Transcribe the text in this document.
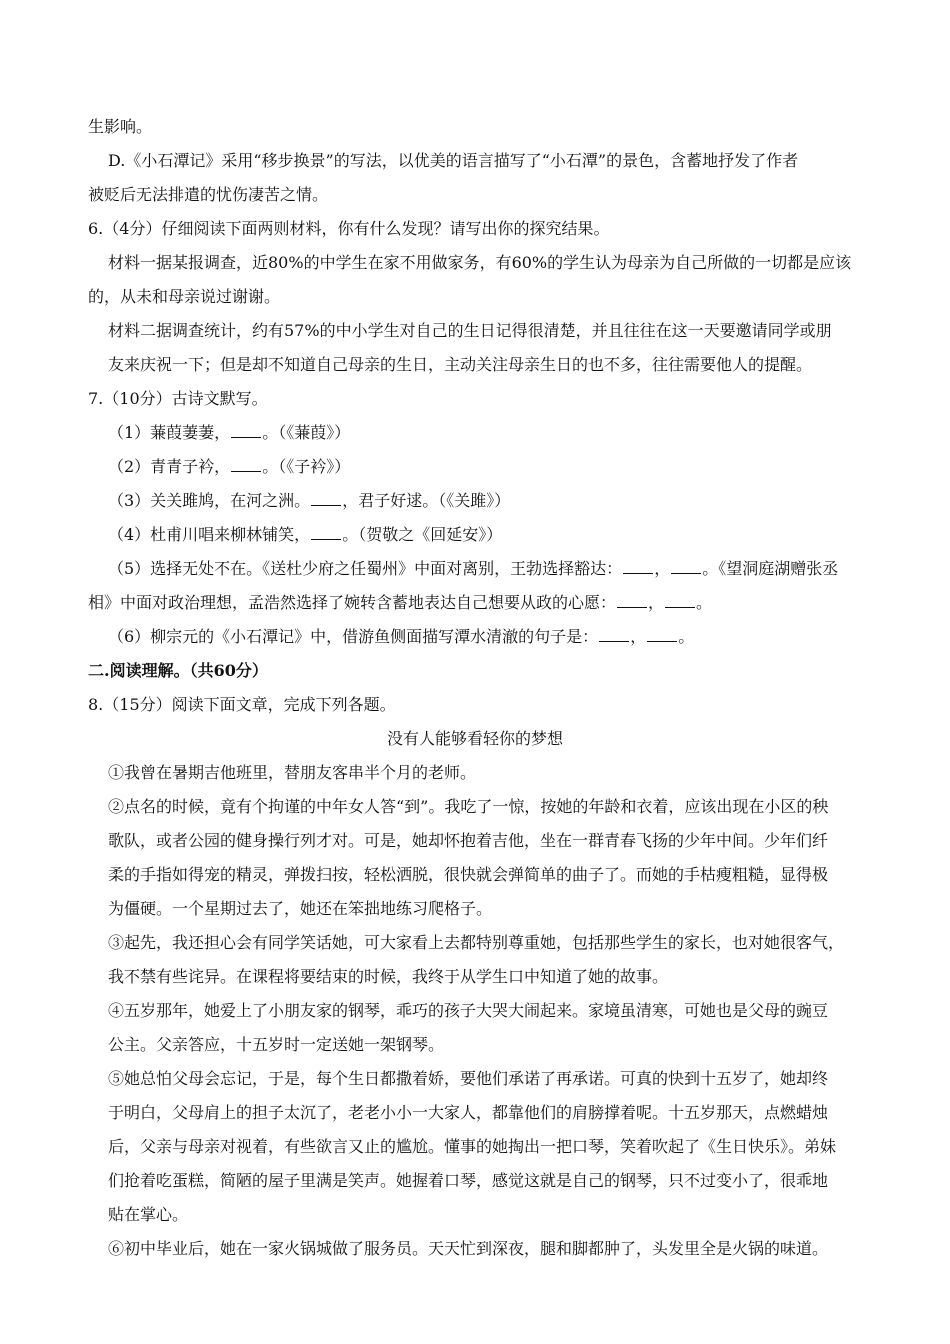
生影响。
D.《小石潭记》采用“移步换景”的写法，以优美的语言描写了“小石潭”的景色，含蓄地抒发了作者
被贬后无法排遣的忧伤凄苦之情。
6.（4分）仔细阅读下面两则材料，你有什么发现？请写出你的探究结果。
材料一据某报调查，近80%的中学生在家不用做家务，有60%的学生认为母亲为自己所做的一切都是应该
的，从未和母亲说过谢谢。
材料二据调查统计，约有57%的中小学生对自己的生日记得很清楚，并且往往在这一天要邀请同学或朋
友来庆祝一下；但是却不知道自己母亲的生日，主动关注母亲生日的也不多，往往需要他人的提醒。
7.（10分）古诗文默写。
（1）蒹葭萋萋， 。（《蒹葭》）
（2）青青子衿， 。（《子衿》）
（3）关关雎鸠，在河之洲。 ，君子好逑。（《关雎》）
（4）杜甫川唱来柳林铺笑， 。（贺敬之《回延安》）
（5）选择无处不在。《送杜少府之任蜀州》中面对离别，王勃选择豁达： ， 。《望洞庭湖赠张丞
相》中面对政治理想，孟浩然选择了婉转含蓄地表达自己想要从政的心愿： ， 。
（6）柳宗元的《小石潭记》中，借游鱼侧面描写潭水清澈的句子是： ， 。
二.阅读理解。（共60分）
8.（15分）阅读下面文章，完成下列各题。
没有人能够看轻你的梦想
①我曾在暑期吉他班里，替朋友客串半个月的老师。
②点名的时候，竟有个拘谨的中年女人答“到”。我吃了一惊，按她的年龄和衣着，应该出现在小区的秧
歌队，或者公园的健身操行列才对。可是，她却怀抱着吉他，坐在一群青春飞扬的少年中间。少年们纤
柔的手指如得宠的精灵，弹拨扫按，轻松洒脱，很快就会弹简单的曲子了。而她的手枯瘦粗糙，显得极
为僵硬。一个星期过去了，她还在笨拙地练习爬格子。
③起先，我还担心会有同学笑话她，可大家看上去都特别尊重她，包括那些学生的家长，也对她很客气，
我不禁有些诧异。在课程将要结束的时候，我终于从学生口中知道了她的故事。
④五岁那年，她爱上了小朋友家的钢琴，乖巧的孩子大哭大闹起来。家境虽清寒，可她也是父母的豌豆
公主。父亲答应，十五岁时一定送她一架钢琴。
⑤她总怕父母会忘记，于是，每个生日都撒着娇，要他们承诺了再承诺。可真的快到十五岁了，她却终
于明白，父母肩上的担子太沉了，老老小小一大家人，都靠他们的肩膀撑着呢。十五岁那天，点燃蜡烛
后，父亲与母亲对视着，有些欲言又止的尴尬。懂事的她掏出一把口琴，笑着吹起了《生日快乐》。弟妹
们抢着吃蛋糕，简陋的屋子里满是笑声。她握着口琴，感觉这就是自己的钢琴，只不过变小了，很乖地
贴在掌心。
⑥初中毕业后，她在一家火锅城做了服务员。天天忙到深夜，腿和脚都肿了，头发里全是火锅的味道。
